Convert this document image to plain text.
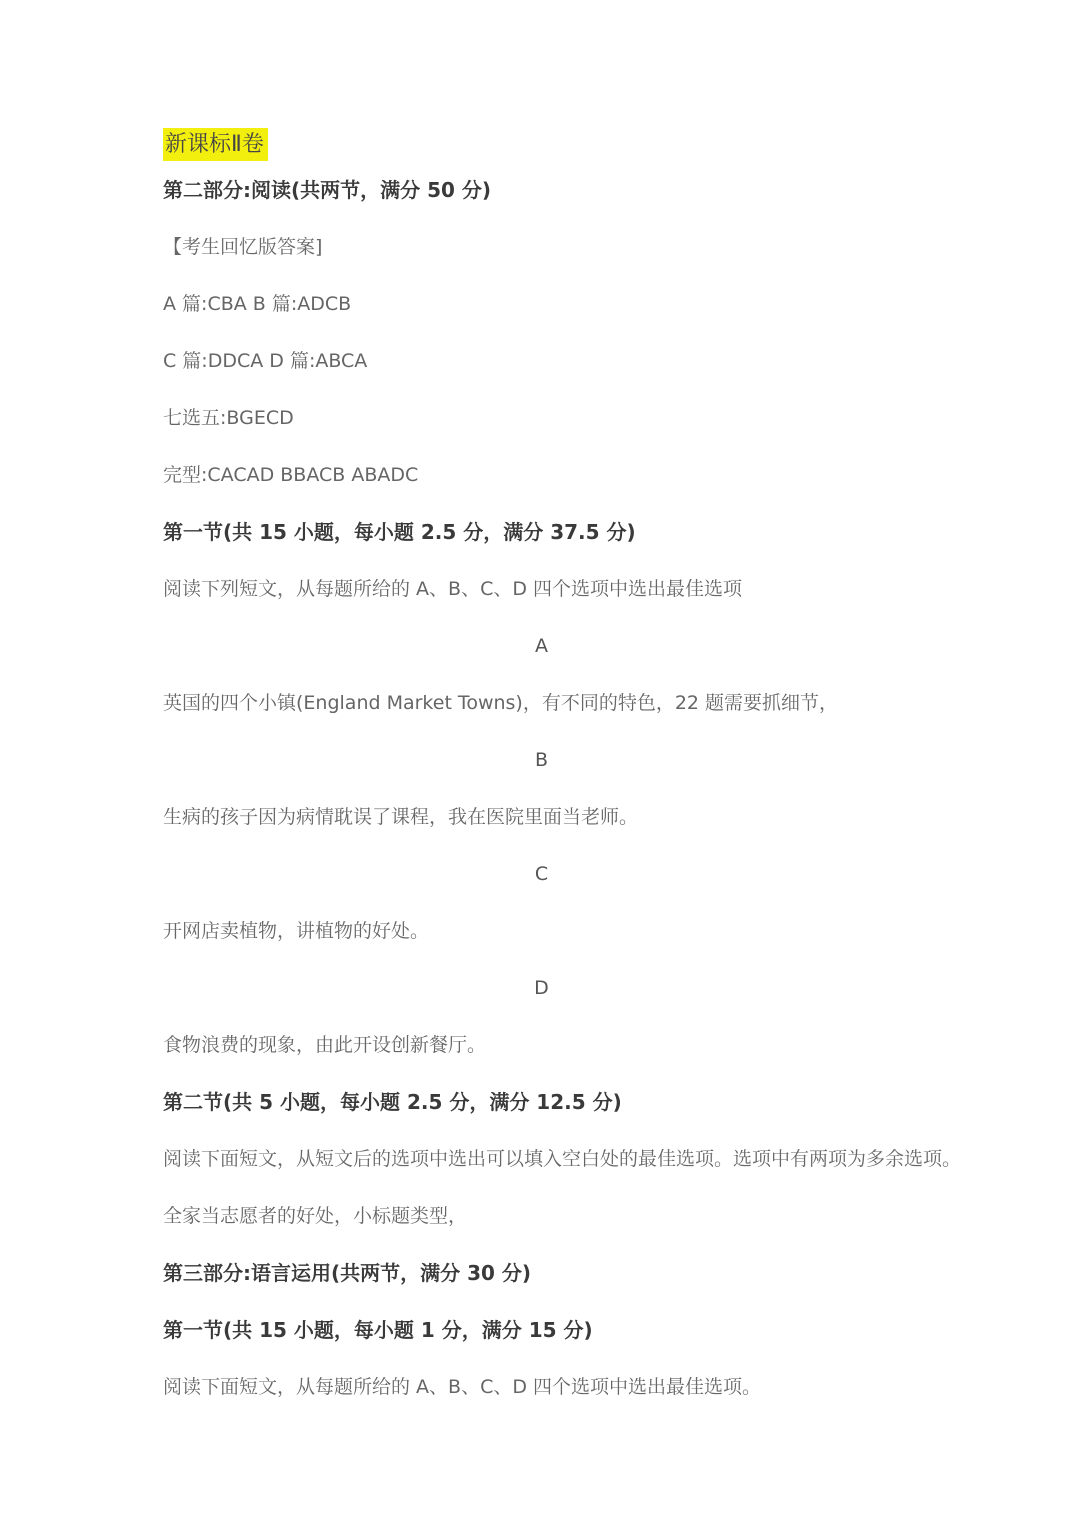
新课标Ⅱ卷

第二部分:阅读(共两节，满分 50 分)

【考生回忆版答案]

A 篇:CBA B 篇:ADCB

C 篇:DDCA D 篇:ABCA

七选五:BGECD

完型:CACAD BBACB ABADC

第一节(共 15 小题，每小题 2.5 分，满分 37.5 分)

阅读下列短文，从每题所给的 A、B、C、D 四个选项中选出最佳选项

A

英国的四个小镇(England Market Towns)，有不同的特色，22 题需要抓细节，

B

生病的孩子因为病情耽误了课程，我在医院里面当老师。

C

开网店卖植物，讲植物的好处。

D

食物浪费的现象，由此开设创新餐厅。

第二节(共 5 小题，每小题 2.5 分，满分 12.5 分)

阅读下面短文，从短文后的选项中选出可以填入空白处的最佳选项。选项中有两项为多余选项。

全家当志愿者的好处，小标题类型，

第三部分:语言运用(共两节，满分 30 分)

第一节(共 15 小题，每小题 1 分，满分 15 分)

阅读下面短文，从每题所给的 A、B、C、D 四个选项中选出最佳选项。
